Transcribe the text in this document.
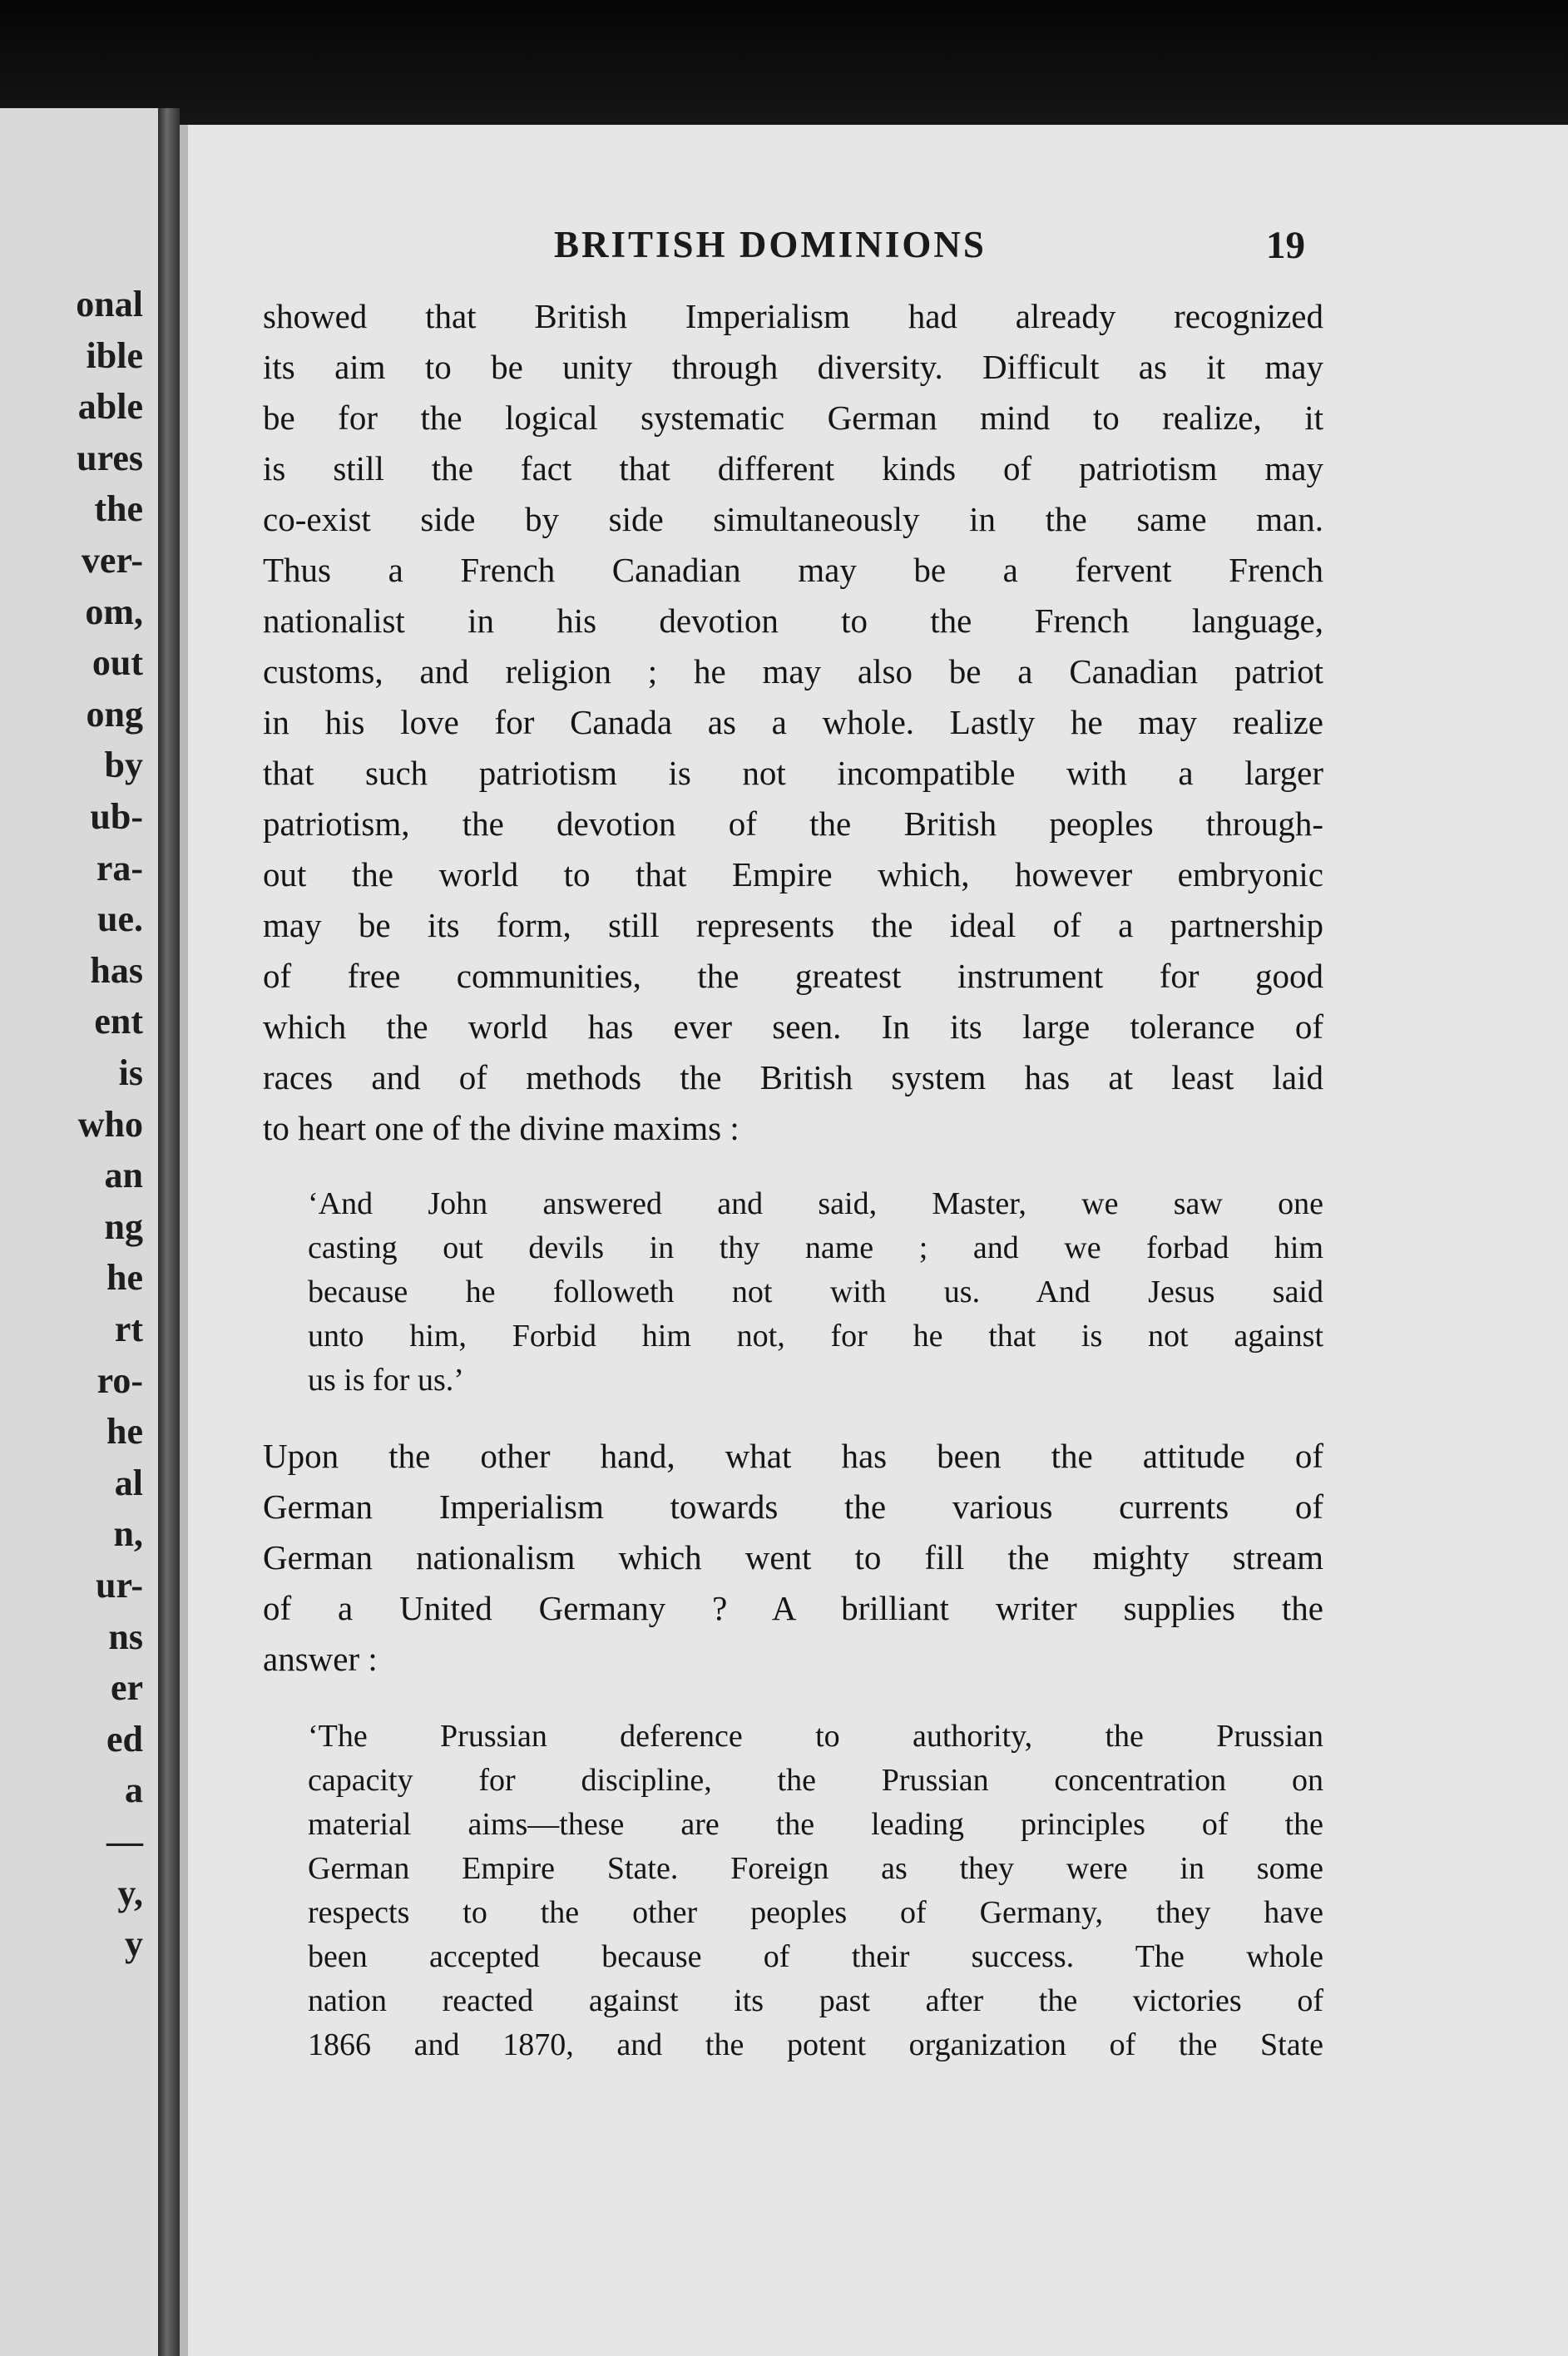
onal
ible
able
ures
the
ver-
om,
out
ong
by
ub-
ra-
ue.
has
ent
is
who
an
ng
he
rt
ro-
he
al
n,
ur-
ns
er
ed
a
—
y,
y
BRITISH DOMINIONS	19
showed that British Imperialism had already recognized
its aim to be unity through diversity. Difficult as it may
be for the logical systematic German mind to realize, it
is still the fact that different kinds of patriotism may
co-exist side by side simultaneously in the same man.
Thus a French Canadian may be a fervent French
nationalist in his devotion to the French language,
customs, and religion ; he may also be a Canadian patriot
in his love for Canada as a whole. Lastly he may realize
that such patriotism is not incompatible with a larger
patriotism, the devotion of the British peoples through-
out the world to that Empire which, however embryonic
may be its form, still represents the ideal of a partnership
of free communities, the greatest instrument for good
which the world has ever seen. In its large tolerance of
races and of methods the British system has at least laid
to heart one of the divine maxims :
‘And John answered and said, Master, we saw one
casting out devils in thy name ; and we forbad him
because he followeth not with us. And Jesus said
unto him, Forbid him not, for he that is not against
us is for us.’
Upon the other hand, what has been the attitude of
German Imperialism towards the various currents of
German nationalism which went to fill the mighty stream
of a United Germany ? A brilliant writer supplies the
answer :
‘The Prussian deference to authority, the Prussian
capacity for discipline, the Prussian concentration on
material aims—these are the leading principles of the
German Empire State. Foreign as they were in some
respects to the other peoples of Germany, they have
been accepted because of their success. The whole
nation reacted against its past after the victories of
1866 and 1870, and the potent organization of the State
